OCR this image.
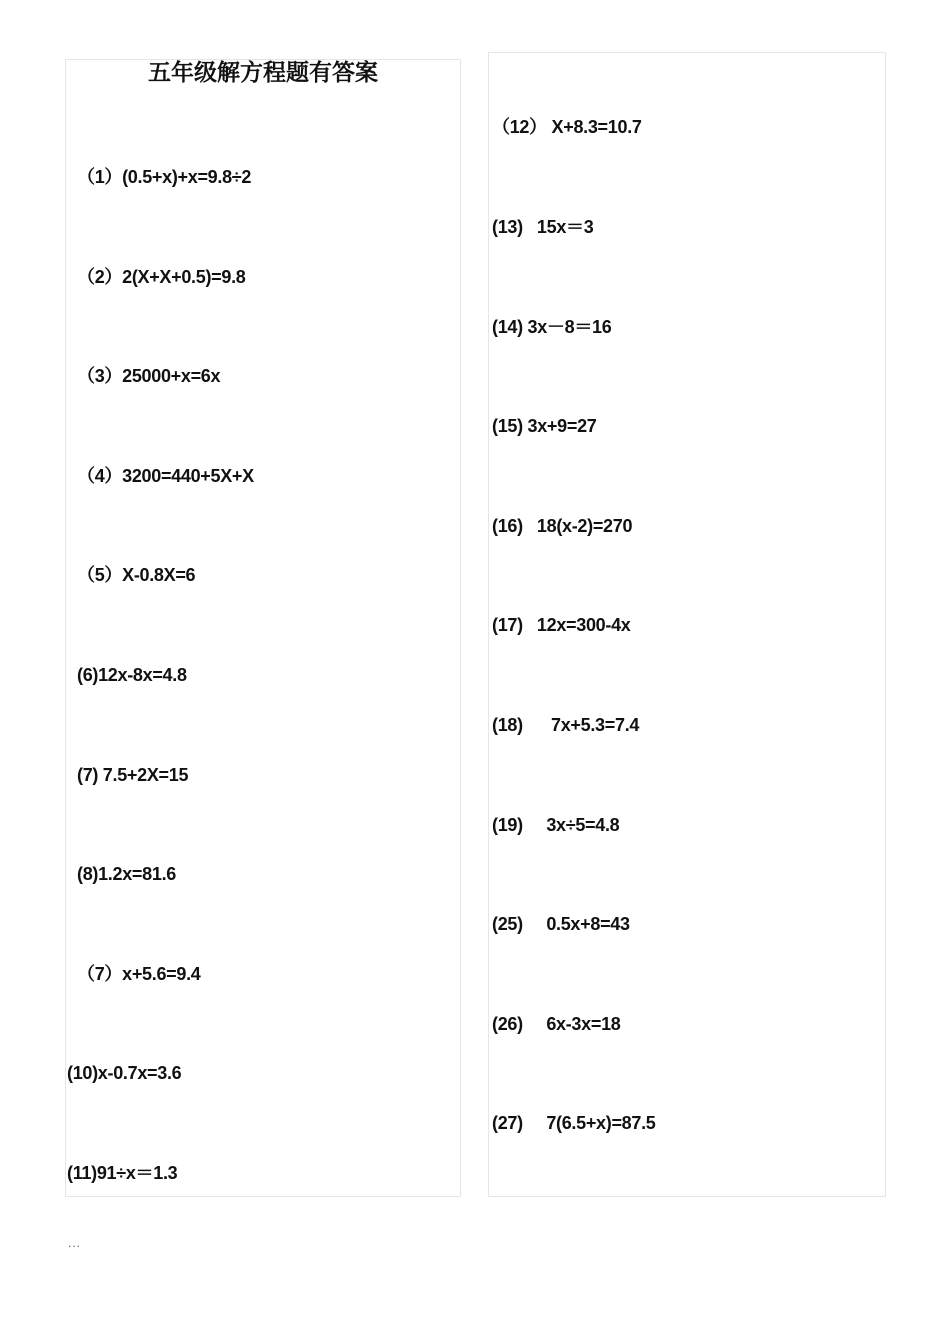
五年级解方程题有答案
（1）(0.5+x)+x=9.8÷2
（2）2(X+X+0.5)=9.8
（3）25000+x=6x
（4）3200=440+5X+X
（5）X-0.8X=6
(6)12x-8x=4.8
(7) 7.5+2X=15
(8)1.2x=81.6
（7）x+5.6=9.4
(10)x-0.7x=3.6
(11)91÷x＝1.3
（12） X+8.3=10.7
(13)   15x＝3
(14) 3x－8＝16
(15) 3x+9=27
(16)   18(x-2)=270
(17)   12x=300-4x
(18)      7x+5.3=7.4
(19)     3x÷5=4.8
(25)     0.5x+8=43
(26)     6x-3x=18
(27)     7(6.5+x)=87.5
...
